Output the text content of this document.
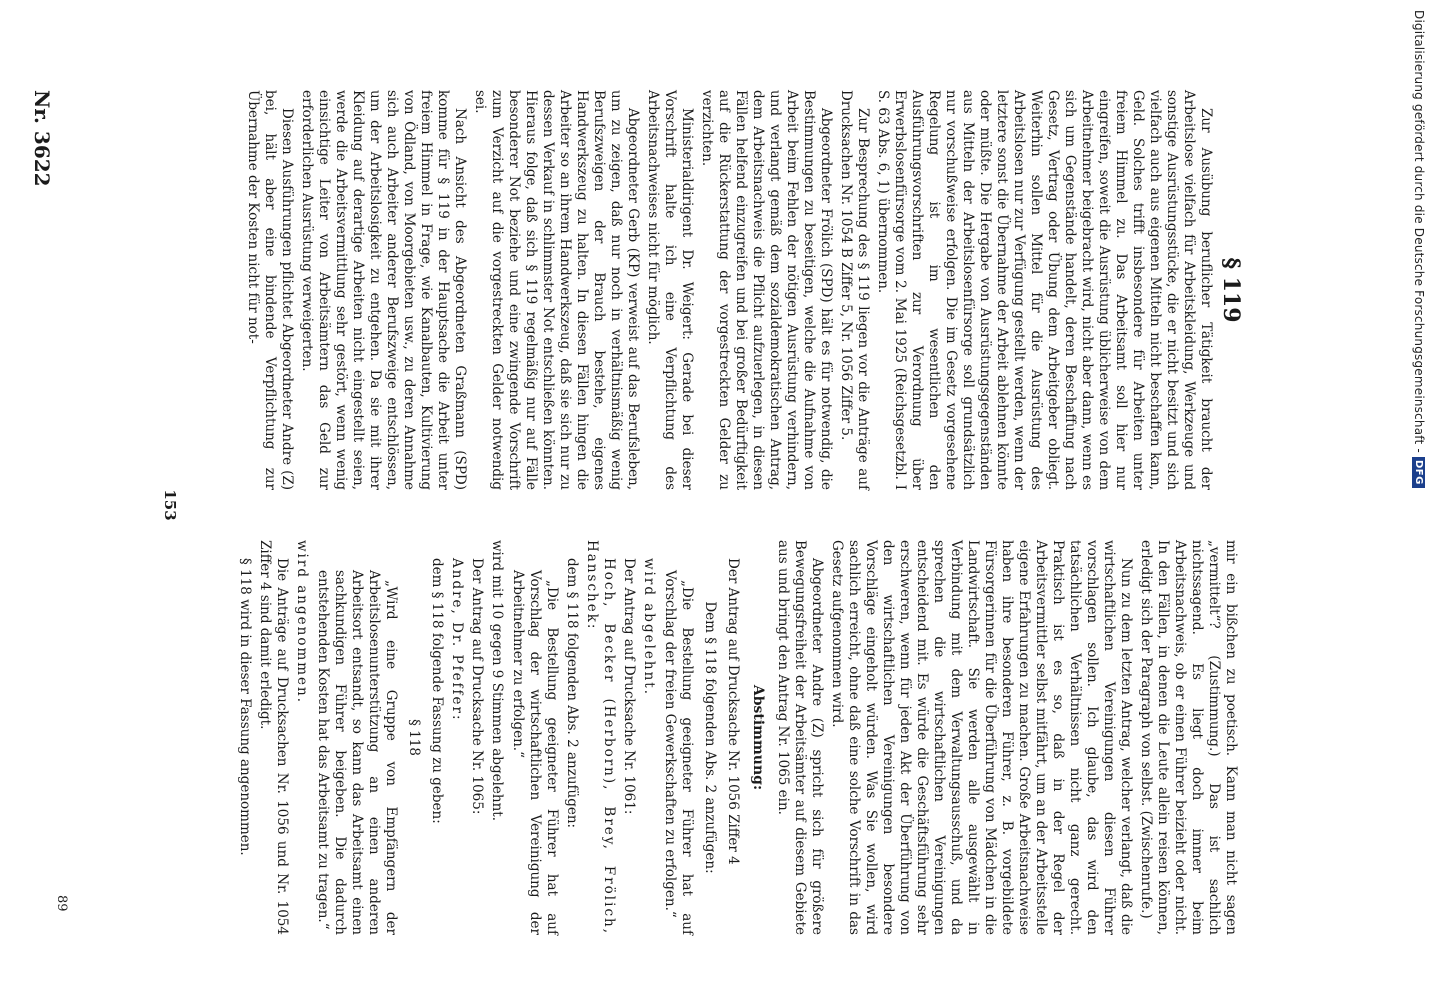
Digitalisierung gefördert durch die Deutsche Forschungsgemeinschaft -
DFG
Nr. 3622
153
89
§ 119

Zur Ausübung beruflicher Tätigkeit braucht der Arbeitslose vielfach für Arbeitskleidung, Werkzeuge und sonstige Ausrüstungsstücke, die er nicht besitzt und sich vielfach auch aus eigenen Mitteln nicht beschaffen kann, Geld. Solches trifft insbesondere für Arbeiten unter freiem Himmel zu. Das Arbeitsamt soll hier nur eingreifen, soweit die Ausrüstung üblicherweise von dem Arbeitnehmer beigebracht wird, nicht aber dann, wenn es sich um Gegenstände handelt, deren Beschaffung nach Gesetz, Vertrag oder Übung dem Arbeitgeber obliegt. Weiterhin sollen Mittel für die Ausrüstung des Arbeitslosen nur zur Verfügung gestellt werden, wenn der letztere sonst die Übernahme der Arbeit ablehnen könnte oder müßte. Die Hergabe von Ausrüstungsgegenständen aus Mitteln der Arbeitslosenfürsorge soll grundsätzlich nur vorschußweise erfolgen. Die im Gesetz vorgesehene Regelung ist im wesentlichen den Ausführungsvorschriften zur Verordnung über Erwerbslosenfürsorge vom 2. Mai 1925 (Reichsgesetzbl. I S. 63 Abs. 6, 1) übernommen.

Zur Besprechung des § 119 liegen vor die Anträge auf Drucksachen Nr. 1054 B Ziffer 5, Nr. 1056 Ziffer 5.

Abgeordneter Frölich (SPD) hält es für notwendig, die Bestimmungen zu beseitigen, welche die Aufnahme von Arbeit beim Fehlen der nötigen Ausrüstung verhindern, und verlangt gemäß dem sozialdemokratischen Antrag, dem Arbeitsnachweis die Pflicht aufzuerlegen, in diesen Fällen helfend einzugreifen und bei großer Bedürftigkeit auf die Rückerstattung der vorgestreckten Gelder zu verzichten.

Ministerialdirigent Dr. Weigert: Gerade bei dieser Vorschrift halte ich eine Verpflichtung des Arbeitsnachweises nicht für möglich.

Abgeordneter Gerb (KP) verweist auf das Berufsleben, um zu zeigen, daß nur noch in verhältnismäßig wenig Berufszweigen der Brauch bestehe, eigenes Handwerkszeug zu halten. In diesen Fällen hingen die Arbeiter so an ihrem Handwerkszeug, daß sie sich nur zu dessen Verkauf in schlimmster Not entschließen könnten. Hieraus folge, daß sich § 119 regelmäßig nur auf Fälle besonderer Not beziehe und eine zwingende Vorschrift zum Verzicht auf die vorgestreckten Gelder notwendig sei.

Nach Ansicht des Abgeordneten Graßmann (SPD) komme für § 119 in der Hauptsache die Arbeit unter freiem Himmel in Frage, wie Kanalbauten, Kultivierung von Ödland, von Moorgebieten usw., zu deren Annahme sich auch Arbeiter anderer Berufszweige entschlössen, um der Arbeitslosigkeit zu entgehen. Da sie mit ihrer Kleidung auf derartige Arbeiten nicht eingestellt seien, werde die Arbeitsvermittlung sehr gestört, wenn wenig einsichtige Leiter von Arbeitsämtern das Geld zur erforderlichen Ausrüstung verweigerten.

Diesen Ausführungen pflichtet Abgeordneter Andre (Z) bei, hält aber eine bindende Verpflichtung zur Übernahme der Kosten nicht für not-

mir ein bißchen zu poetisch. Kann man nicht sagen „vermittelt“? (Zustimmung.) Das ist sachlich nichtssagend. Es liegt doch immer beim Arbeitsnachweis, ob er einen Führer beizieht oder nicht. In den Fällen, in denen die Leute allein reisen können, erledigt sich der Paragraph von selbst. (Zwischenrufe.)

Nun zu dem letzten Antrag, welcher verlangt, daß die wirtschaftlichen Vereinigungen diesen Führer vorschlagen sollen. Ich glaube, das wird den tatsächlichen Verhältnissen nicht ganz gerecht. Praktisch ist es so, daß in der Regel der Arbeitsvermittler selbst mitfährt, um an der Arbeitsstelle eigene Erfahrungen zu machen. Große Arbeitsnachweise haben ihre besonderen Führer, z. B. vorgebildete Fürsorgerinnen für die Überführung von Mädchen in die Landwirtschaft. Sie werden alle ausgewählt in Verbindung mit dem Verwaltungsausschuß, und da sprechen die wirtschaftlichen Vereinigungen entscheidend mit. Es würde die Geschäftsführung sehr erschweren, wenn für jeden Akt der Überführung von den wirtschaftlichen Vereinigungen besondere Vorschläge eingeholt würden. Was Sie wollen, wird sachlich erreicht, ohne daß eine solche Vorschrift in das Gesetz aufgenommen wird.

Abgeordneter Andre (Z) spricht sich für größere Bewegungsfreiheit der Arbeitsämter auf diesem Gebiete aus und bringt den Antrag Nr. 1065 ein.

Abstimmung:

Der Antrag auf Drucksache Nr. 1056 Ziffer 4

Dem § 118 folgenden Abs. 2 anzufügen:

„Die Bestellung geeigneter Führer hat auf Vorschlag der freien Gewerkschaften zu erfolgen.“

wird abgelehnt.

Der Antrag auf Drucksache Nr. 1061:

Hoch, Becker (Herborn), Brey, Frölich, Hanschek:

dem § 118 folgenden Abs. 2 anzufügen:

„Die Bestellung geeigneter Führer hat auf Vorschlag der wirtschaftlichen Vereinigung der Arbeitnehmer zu erfolgen.“

wird mit 10 gegen 9 Stimmen abgelehnt.

Der Antrag auf Drucksache Nr. 1065:

Andre, Dr. Pfeffer:

dem § 118 folgende Fassung zu geben:

§ 118

„Wird eine Gruppe von Empfängern der Arbeitslosenunterstützung an einen anderen Arbeitsort entsandt, so kann das Arbeitsamt einen sachkundigen Führer beigeben. Die dadurch entstehenden Kosten hat das Arbeitsamt zu tragen.“

wird angenommen.

Die Anträge auf Drucksachen Nr. 1056 und Nr. 1054 Ziffer 4 sind damit erledigt.

§ 118 wird in dieser Fassung angenommen.
